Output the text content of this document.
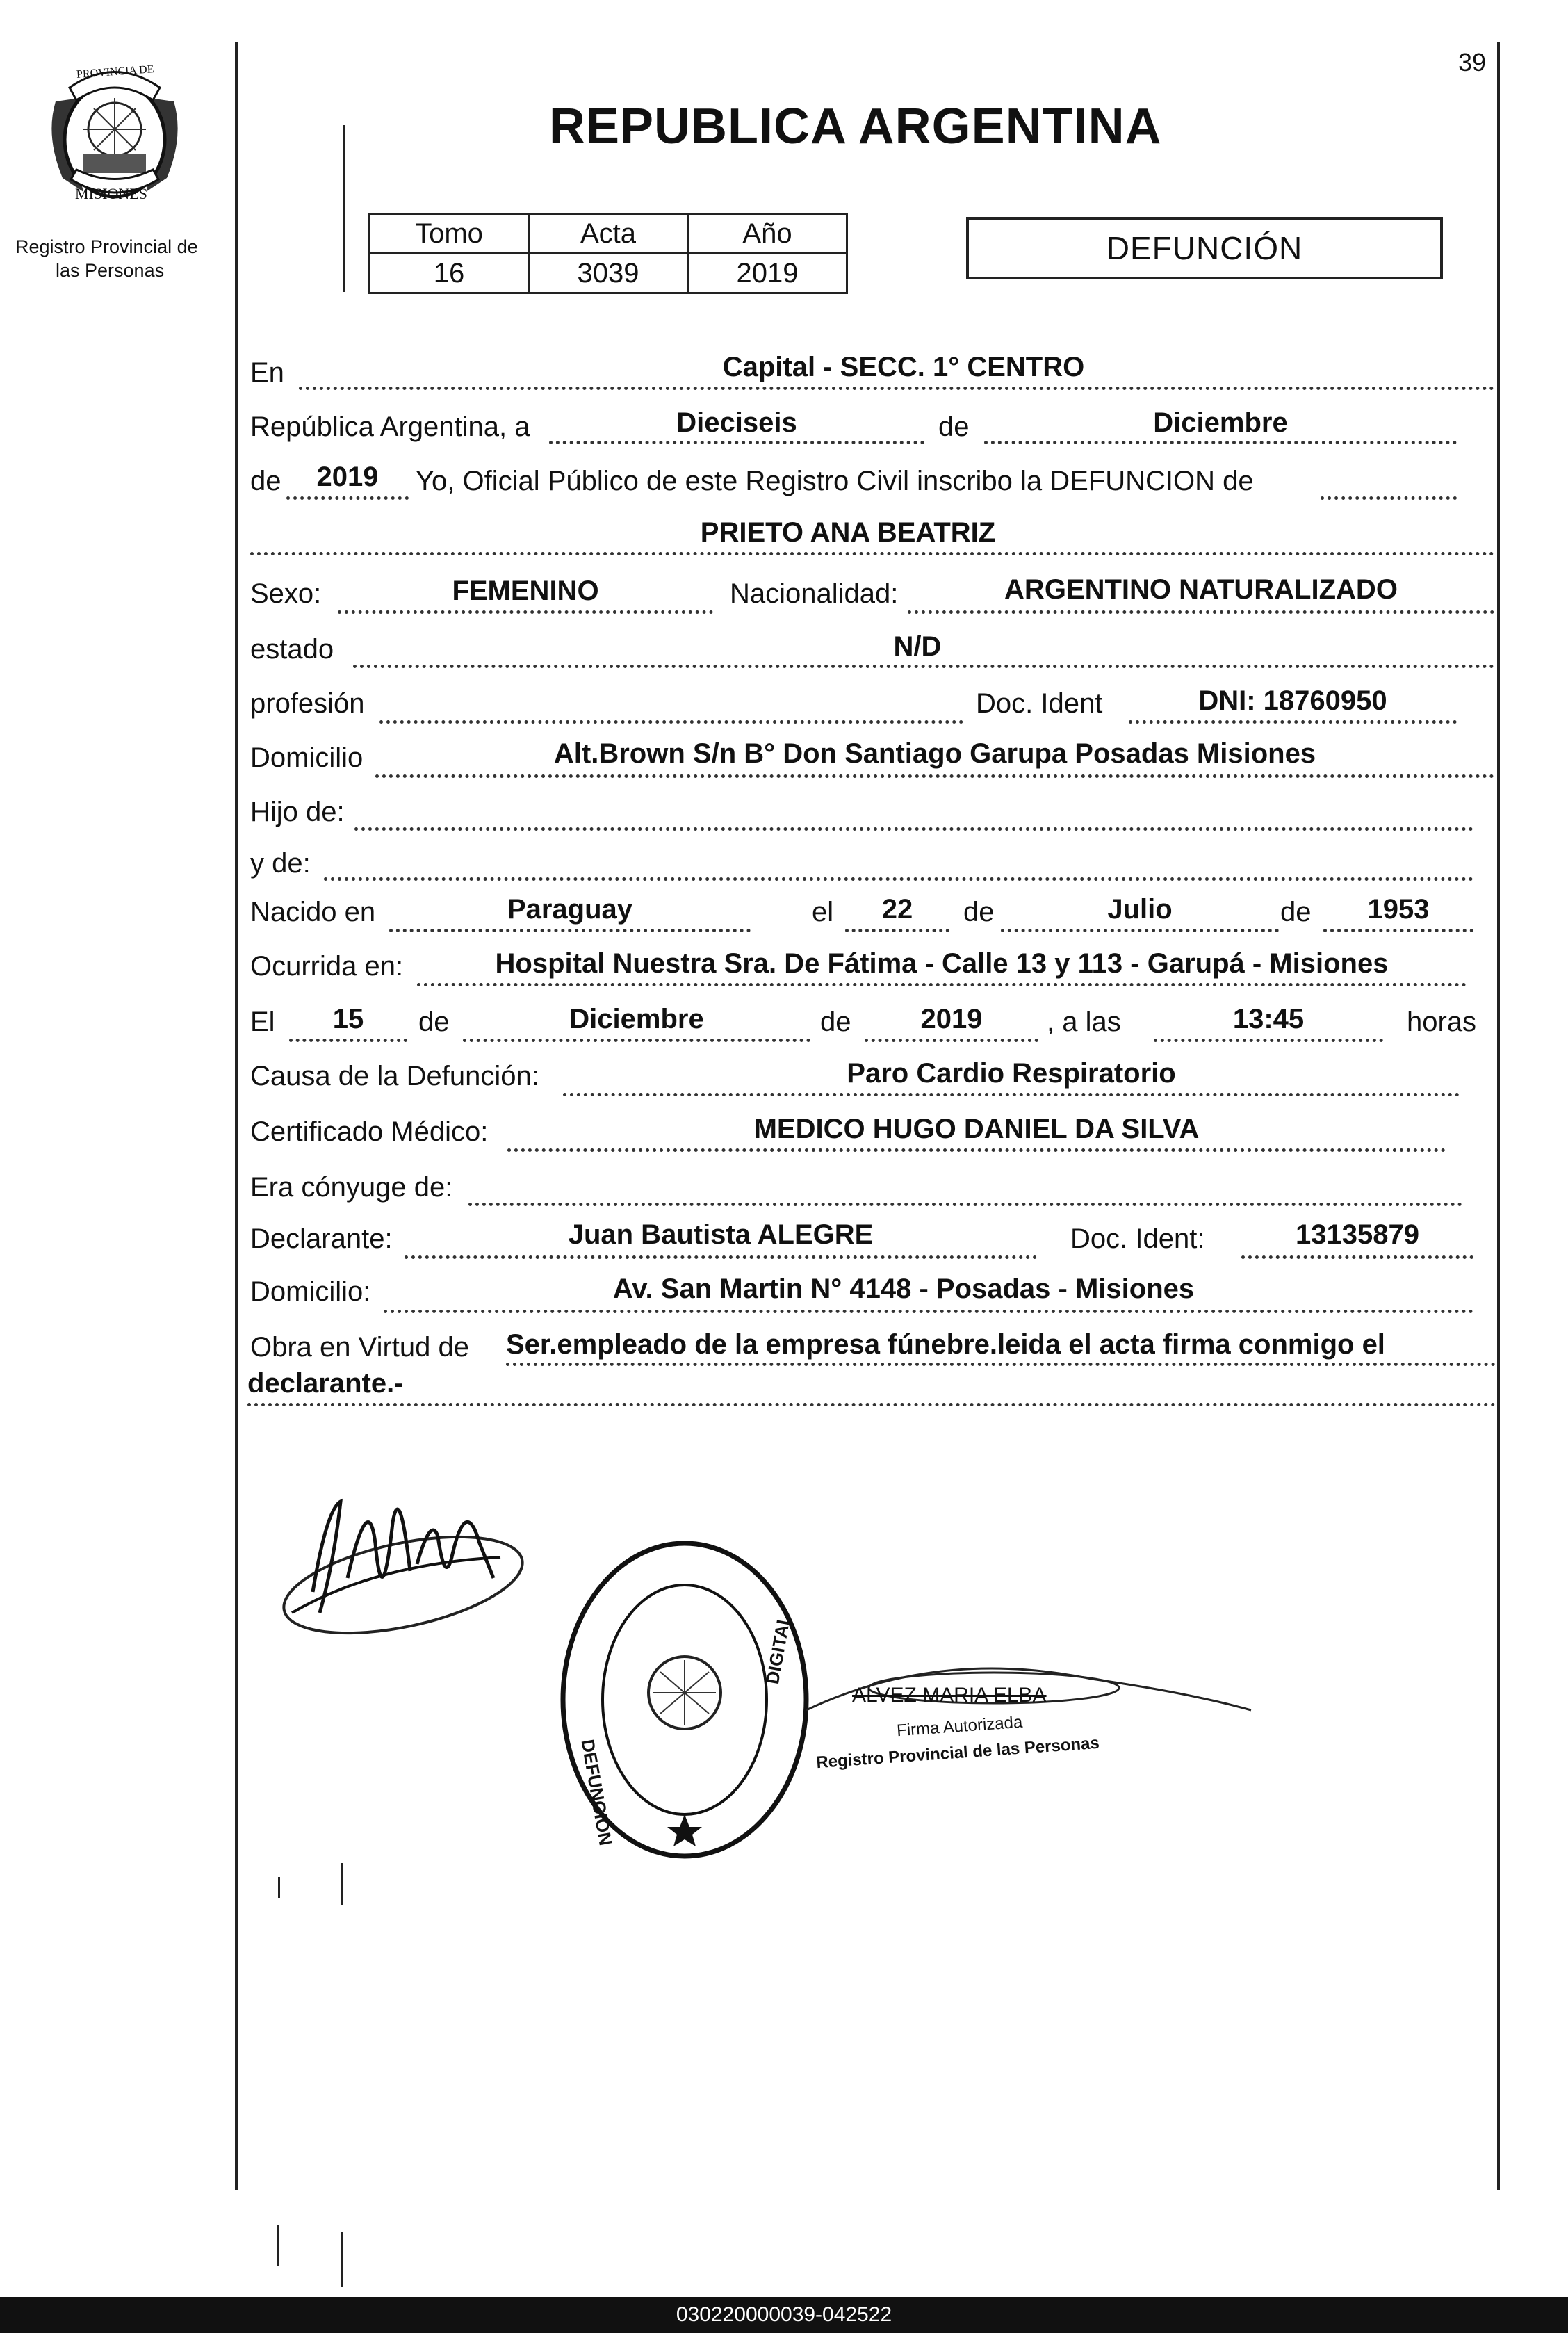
39
PROVINCIA DE
MISIONES
Registro Provincial de
las Personas
REPUBLICA ARGENTINA
Tomo	Acta	Año
16	3039	2019
DEFUNCIÓN
En	Capital - SECC. 1° CENTRO
República Argentina, a	Dieciseis	de	Diciembre
de	2019	Yo, Oficial Público de este Registro Civil inscribo la DEFUNCION de
PRIETO ANA BEATRIZ
Sexo:	FEMENINO	Nacionalidad:	ARGENTINO NATURALIZADO
estado	N/D
profesión	Doc. Ident	DNI: 18760950
Domicilio	Alt.Brown S/n B° Don Santiago Garupa Posadas Misiones
Hijo de:
y de:
Nacido en	Paraguay	el	22	de	Julio	de	1953
Ocurrida en:	Hospital Nuestra Sra. De Fátima - Calle 13 y 113 - Garupá - Misiones
El	15	de	Diciembre	de	2019	, a las	13:45	horas
Causa de la Defunción:	Paro Cardio Respiratorio
Certificado Médico:	MEDICO HUGO DANIEL DA SILVA
Era cónyuge de:
Declarante:	Juan Bautista ALEGRE	Doc. Ident:	13135879
Domicilio:	Av. San Martin N° 4148 - Posadas - Misiones
Obra en Virtud de Ser.empleado de la empresa fúnebre.leida el acta firma conmigo el
declarante.-
DEFUNCION
DIGITAL
ALVEZ MARIA ELBA
Firma Autorizada
Registro Provincial de las Personas
030220000039-042522
